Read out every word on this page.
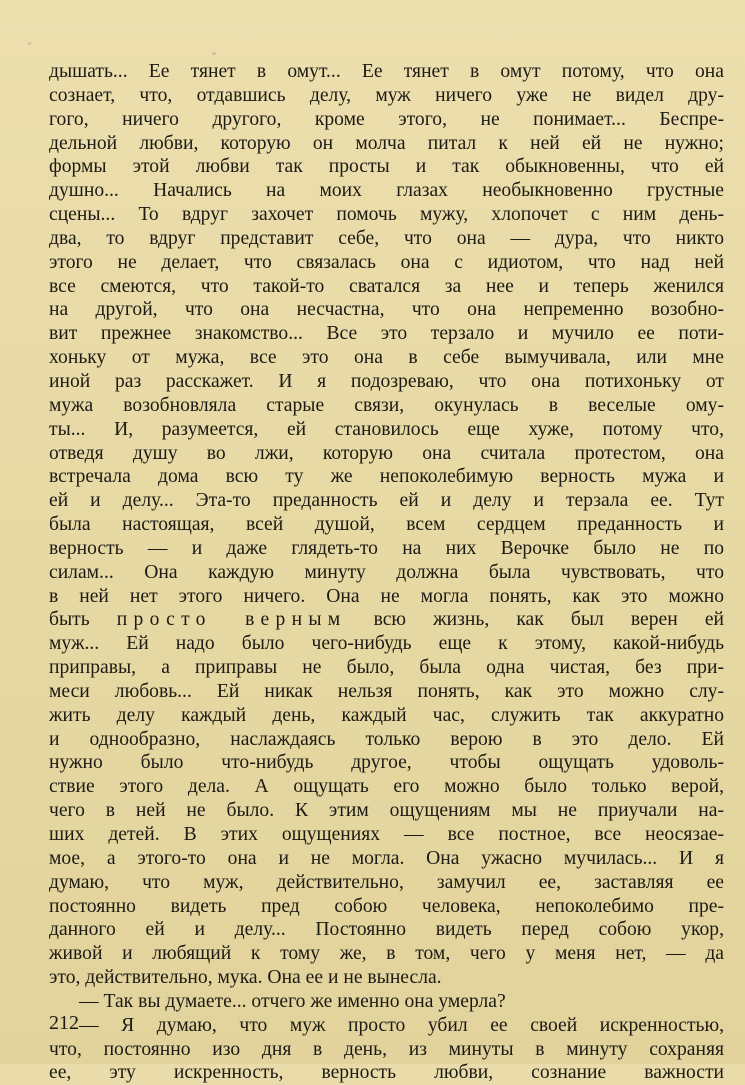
дышать... Ее тянет в омут... Ее тянет в омут потому, что она
сознает, что, отдавшись делу, муж ничего уже не видел дру-
гого, ничего другого, кроме этого, не понимает... Беспре-
дельной любви, которую он молча питал к ней ей не нужно;
формы этой любви так просты и так обыкновенны, что ей
душно... Начались на моих глазах необыкновенно грустные
сцены... То вдруг захочет помочь мужу, хлопочет с ним день-
два, то вдруг представит себе, что она — дура, что никто
этого не делает, что связалась она с идиотом, что над ней
все смеются, что такой-то сватался за нее и теперь женился
на другой, что она несчастна, что она непременно возобно-
вит прежнее знакомство... Все это терзало и мучило ее поти-
хоньку от мужа, все это она в себе вымучивала, или мне
иной раз расскажет. И я подозреваю, что она потихоньку от
мужа возобновляла старые связи, окунулась в веселые ому-
ты... И, разумеется, ей становилось еще хуже, потому что,
отведя душу во лжи, которую она считала протестом, она
встречала дома всю ту же непоколебимую верность мужа и
ей и делу... Эта-то преданность ей и делу и терзала ее. Тут
была настоящая, всей душой, всем сердцем преданность и
верность — и даже глядеть-то на них Верочке было не по
силам... Она каждую минуту должна была чувствовать, что
в ней нет этого ничего. Она не могла понять, как это можно
быть просто верным всю жизнь, как был верен ей
муж... Ей надо было чего-нибудь еще к этому, какой-нибудь
приправы, а приправы не было, была одна чистая, без при-
меси любовь... Ей никак нельзя понять, как это можно слу-
жить делу каждый день, каждый час, служить так аккуратно
и однообразно, наслаждаясь только верою в это дело. Ей
нужно было что-нибудь другое, чтобы ощущать удоволь-
ствие этого дела. А ощущать его можно было только верой,
чего в ней не было. К этим ощущениям мы не приучали на-
ших детей. В этих ощущениях — все постное, все неосязае-
мое, а этого-то она и не могла. Она ужасно мучилась... И я
думаю, что муж, действительно, замучил ее, заставляя ее
постоянно видеть пред собою человека, непоколебимо пре-
данного ей и делу... Постоянно видеть перед собою укор,
живой и любящий к тому же, в том, чего у меня нет, — да
это, действительно, мука. Она ее и не вынесла.
— Так вы думаете... отчего же именно она умерла?
— Я думаю, что муж просто убил ее своей искренностью,
что, постоянно изо дня в день, из минуты в минуту сохраняя
ее, эту искренность, верность любви, сознание важности
212
